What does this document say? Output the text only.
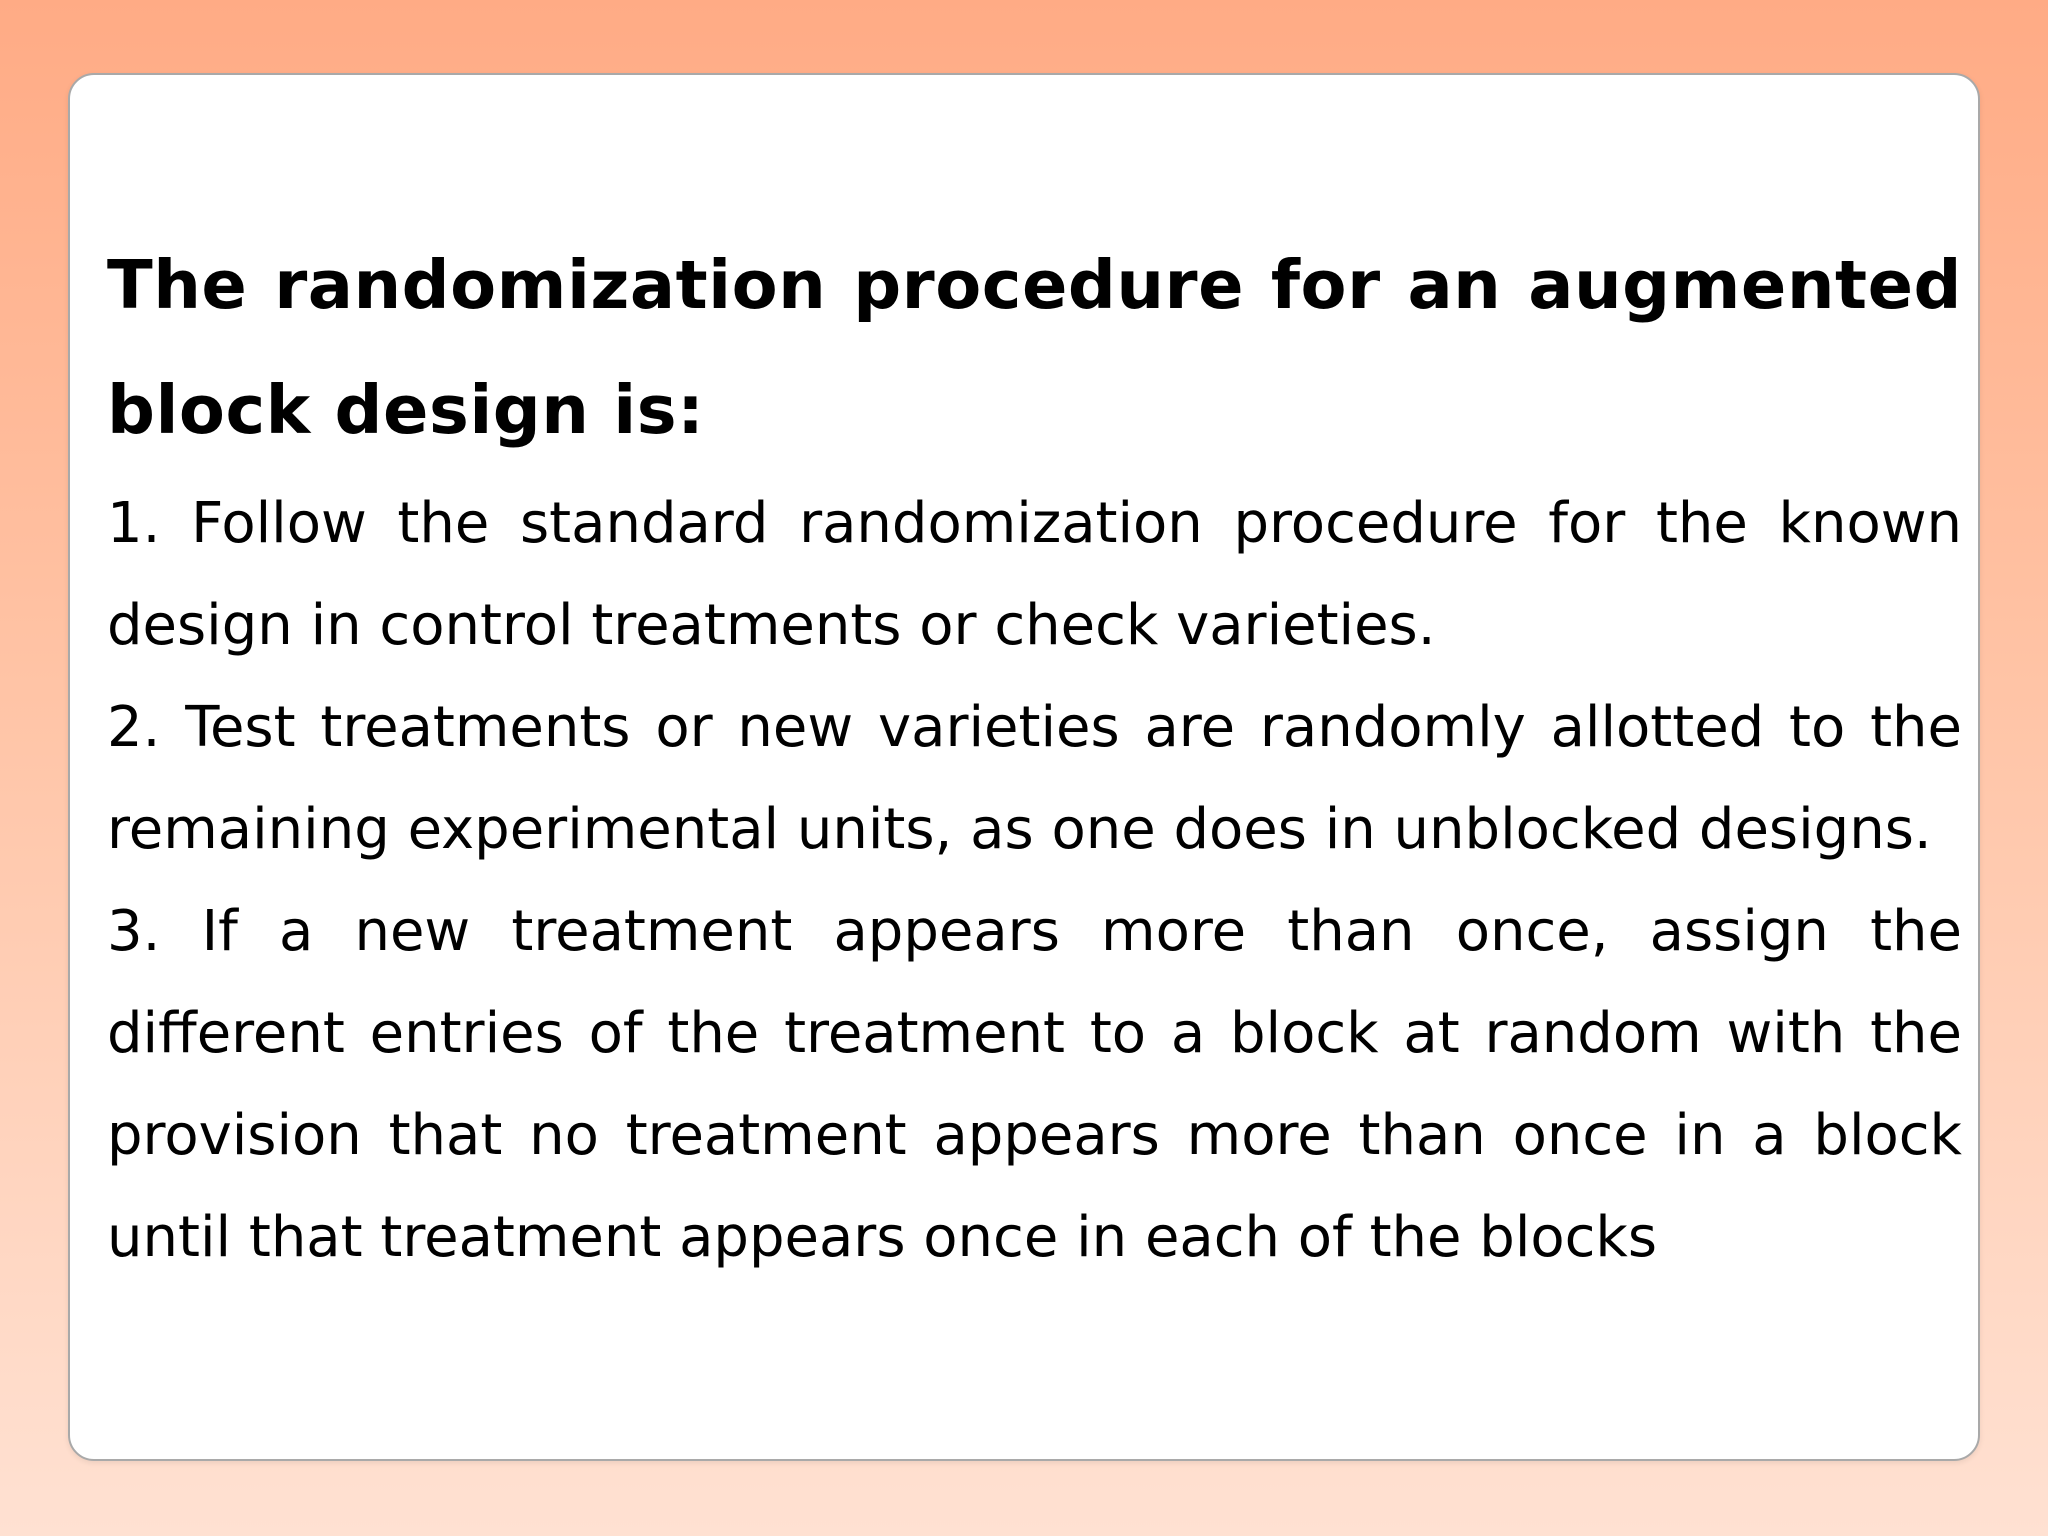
The randomization procedure for an augmented block design is:

1. Follow the standard randomization procedure for the known design in control treatments or check varieties.

2. Test treatments or new varieties are randomly allotted to the remaining experimental units, as one does in unblocked designs.

3. If a new treatment appears more than once, assign the different entries of the treatment to a block at random with the provision that no treatment appears more than once in a block until that treatment appears once in each of the blocks
